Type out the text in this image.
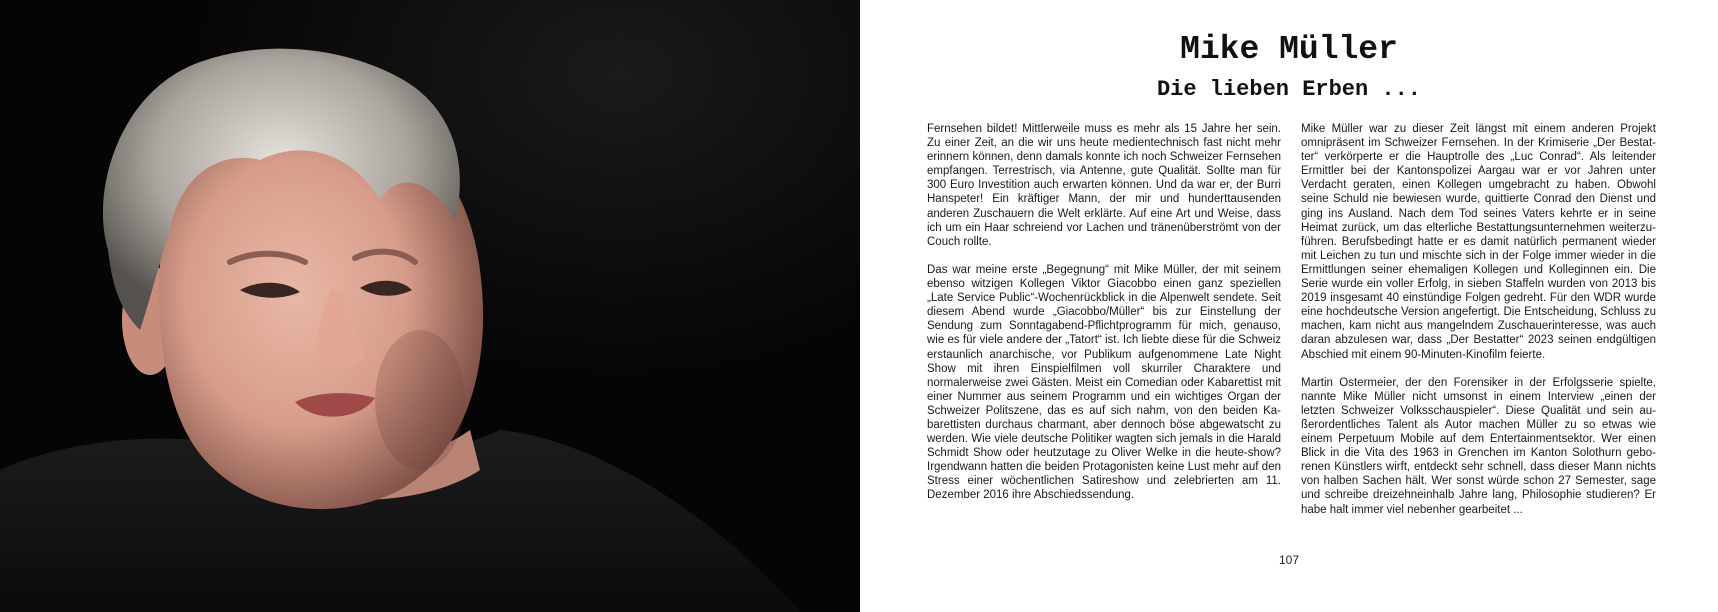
Mike Müller
Die lieben Erben ...

Fernsehen bildet! Mittlerweile muss es mehr als 15 Jahre her sein. Zu einer Zeit, an die wir uns heute medientechnisch fast nicht mehr erinnern können, denn damals konnte ich noch Schweizer Fernsehen empfangen. Terrestrisch, via Antenne, gute Qualität. Sollte man für 300 Euro Investition auch erwarten können. Und da war er, der Burri Hanspeter! Ein kräftiger Mann, der mir und hunderttausenden anderen Zuschauern die Welt erklärte. Auf eine Art und Weise, dass ich um ein Haar schreiend vor Lachen und tränenüberströmt von der Couch rollte.

Das war meine erste „Begegnung“ mit Mike Müller, der mit seinem ebenso witzigen Kollegen Viktor Giacobbo einen ganz speziellen „Late Service Public“-Wochenrückblick in die Alpenwelt sendete. Seit diesem Abend wurde „Giacobbo/Müller“ bis zur Einstellung der Sendung zum Sonntagabend-Pflichtprogramm für mich, genauso, wie es für viele andere der „Tatort“ ist. Ich liebte diese für die Schweiz erstaunlich anarchische, vor Publikum aufgenommene Late Night Show mit ihren Einspielfilmen voll skurriler Charaktere und normalerweise zwei Gästen. Meist ein Comedian oder Kabarettist mit einer Nummer aus seinem Programm und ein wichtiges Organ der Schweizer Politszene, das es auf sich nahm, von den beiden Kabarettisten durchaus charmant, aber dennoch böse abgewatscht zu werden. Wie viele deutsche Politiker wagten sich jemals in die Harald Schmidt Show oder heutzutage zu Oliver Welke in die heute-show? Irgendwann hatten die beiden Protagonisten keine Lust mehr auf den Stress einer wöchentlichen Satireshow und zelebrierten am 11. Dezember 2016 ihre Abschiedssendung.

Mike Müller war zu dieser Zeit längst mit einem anderen Projekt omnipräsent im Schweizer Fernsehen. In der Krimiserie „Der Bestatter“ verkörperte er die Hauptrolle des „Luc Conrad“. Als leitender Ermittler bei der Kantonspolizei Aargau war er vor Jahren unter Verdacht geraten, einen Kollegen umgebracht zu haben. Obwohl seine Schuld nie bewiesen wurde, quittierte Conrad den Dienst und ging ins Ausland. Nach dem Tod seines Vaters kehrte er in seine Heimat zurück, um das elterliche Bestattungsunternehmen weiterzuführen. Berufsbedingt hatte er es damit natürlich permanent wieder mit Leichen zu tun und mischte sich in der Folge immer wieder in die Ermittlungen seiner ehemaligen Kollegen und Kolleginnen ein. Die Serie wurde ein voller Erfolg, in sieben Staffeln wurden von 2013 bis 2019 insgesamt 40 einstündige Folgen gedreht. Für den WDR wurde eine hochdeutsche Version angefertigt. Die Entscheidung, Schluss zu machen, kam nicht aus mangelndem Zuschauerinteresse, was auch daran abzulesen war, dass „Der Bestatter“ 2023 seinen endgültigen Abschied mit einem 90-Minuten-Kinofilm feierte.

Martin Ostermeier, der den Forensiker in der Erfolgsserie spielte, nannte Mike Müller nicht umsonst in einem Interview „einen der letzten Schweizer Volksschauspieler“. Diese Qualität und sein außerordentliches Talent als Autor machen Müller zu so etwas wie einem Perpetuum Mobile auf dem Entertainmentsektor. Wer einen Blick in die Vita des 1963 in Grenchen im Kanton Solothurn geborenen Künstlers wirft, entdeckt sehr schnell, dass dieser Mann nichts von halben Sachen hält. Wer sonst würde schon 27 Semester, sage und schreibe dreizehneinhalb Jahre lang, Philosophie studieren? Er habe halt immer viel nebenher gearbeitet ...

107
